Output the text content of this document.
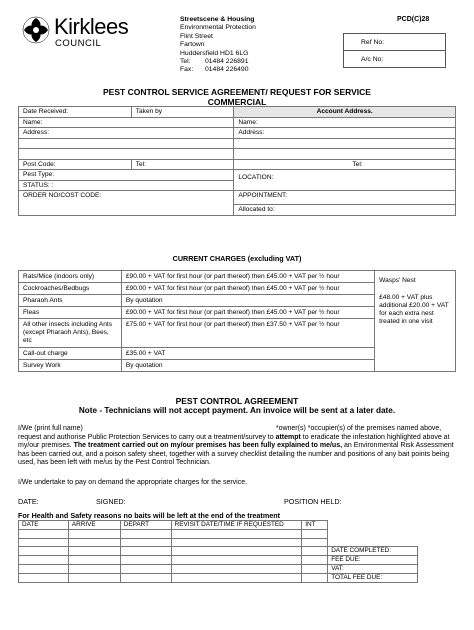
Kirklees
COUNCIL
Streetscene & Housing
Environmental Protection
Flint Street
Fartown
Huddersfield HD1 6LG
Tel: 01484 226891
Fax: 01484 226490
PCD(C)28
Ref No:
A/c No:
PEST CONTROL SERVICE AGREEMENT/ REQUEST FOR SERVICE
COMMERCIAL
Date Received:	Taken by	Account Address.
Name:		Name:
Address:		Address:

Post Code:	Tel:	Tel:
Pest Type:		LOCATION:
STATUS: :		
ORDER NO/COST CODE:		APPOINTMENT:
		Allocated to:
CURRENT CHARGES (excluding VAT)
Rats/Mice (indoors only)	£90.00 + VAT for first hour (or part thereof) then £45.00 + VAT per ½ hour	Wasps' Nest
£48.00 + VAT plus additional £20.00 + VAT for each extra nest treated in one visit

Cockroaches/Bedbugs	£90.00 + VAT for first hour (or part thereof) then £45.00 + VAT per ½ hour	
Pharaoh Ants	By quotation	
Fleas	£90.00 + VAT for first hour (or part thereof) then £45.00 + VAT per ½ hour	
All other insects including Ants (except Pharaoh Ants), Bees, etc	£75.00 + VAT for first hour (or part thereof) then £37.50 + VAT per ½ hour	
Call-out charge	£35.00 + VAT	
Survey Work	By quotation	
PEST CONTROL AGREEMENT
Note - Technicians will not accept payment. An invoice will be sent at a later date.
I/We (print full name)	*owner(s) *occupier(s) of the premises named above, request and authorise Public Protection Services to carry out a treatment/survey to attempt to eradicate the infestation highlighted above at my/our premises. The treatment carried out on my/our premises has been fully explained to me/us, an Environmental Risk Assessment has been carried out, and a poison safety sheet, together with a survey checklist detailing the number and positions of any bait points being used, has been left with me/us by the Pest Control Technician.
I/We undertake to pay on demand the appropriate charges for the service.
DATE:	SIGNED:	POSITION HELD:
For Health and Safety reasons no baits will be left at the end of the treatment
DATE	ARRIVE	DEPART	REVISIT DATE/TIME IF REQUESTED	INT	

					DATE COMPLETED:
					FEE DUE:
					VAT:
					TOTAL FEE DUE:
